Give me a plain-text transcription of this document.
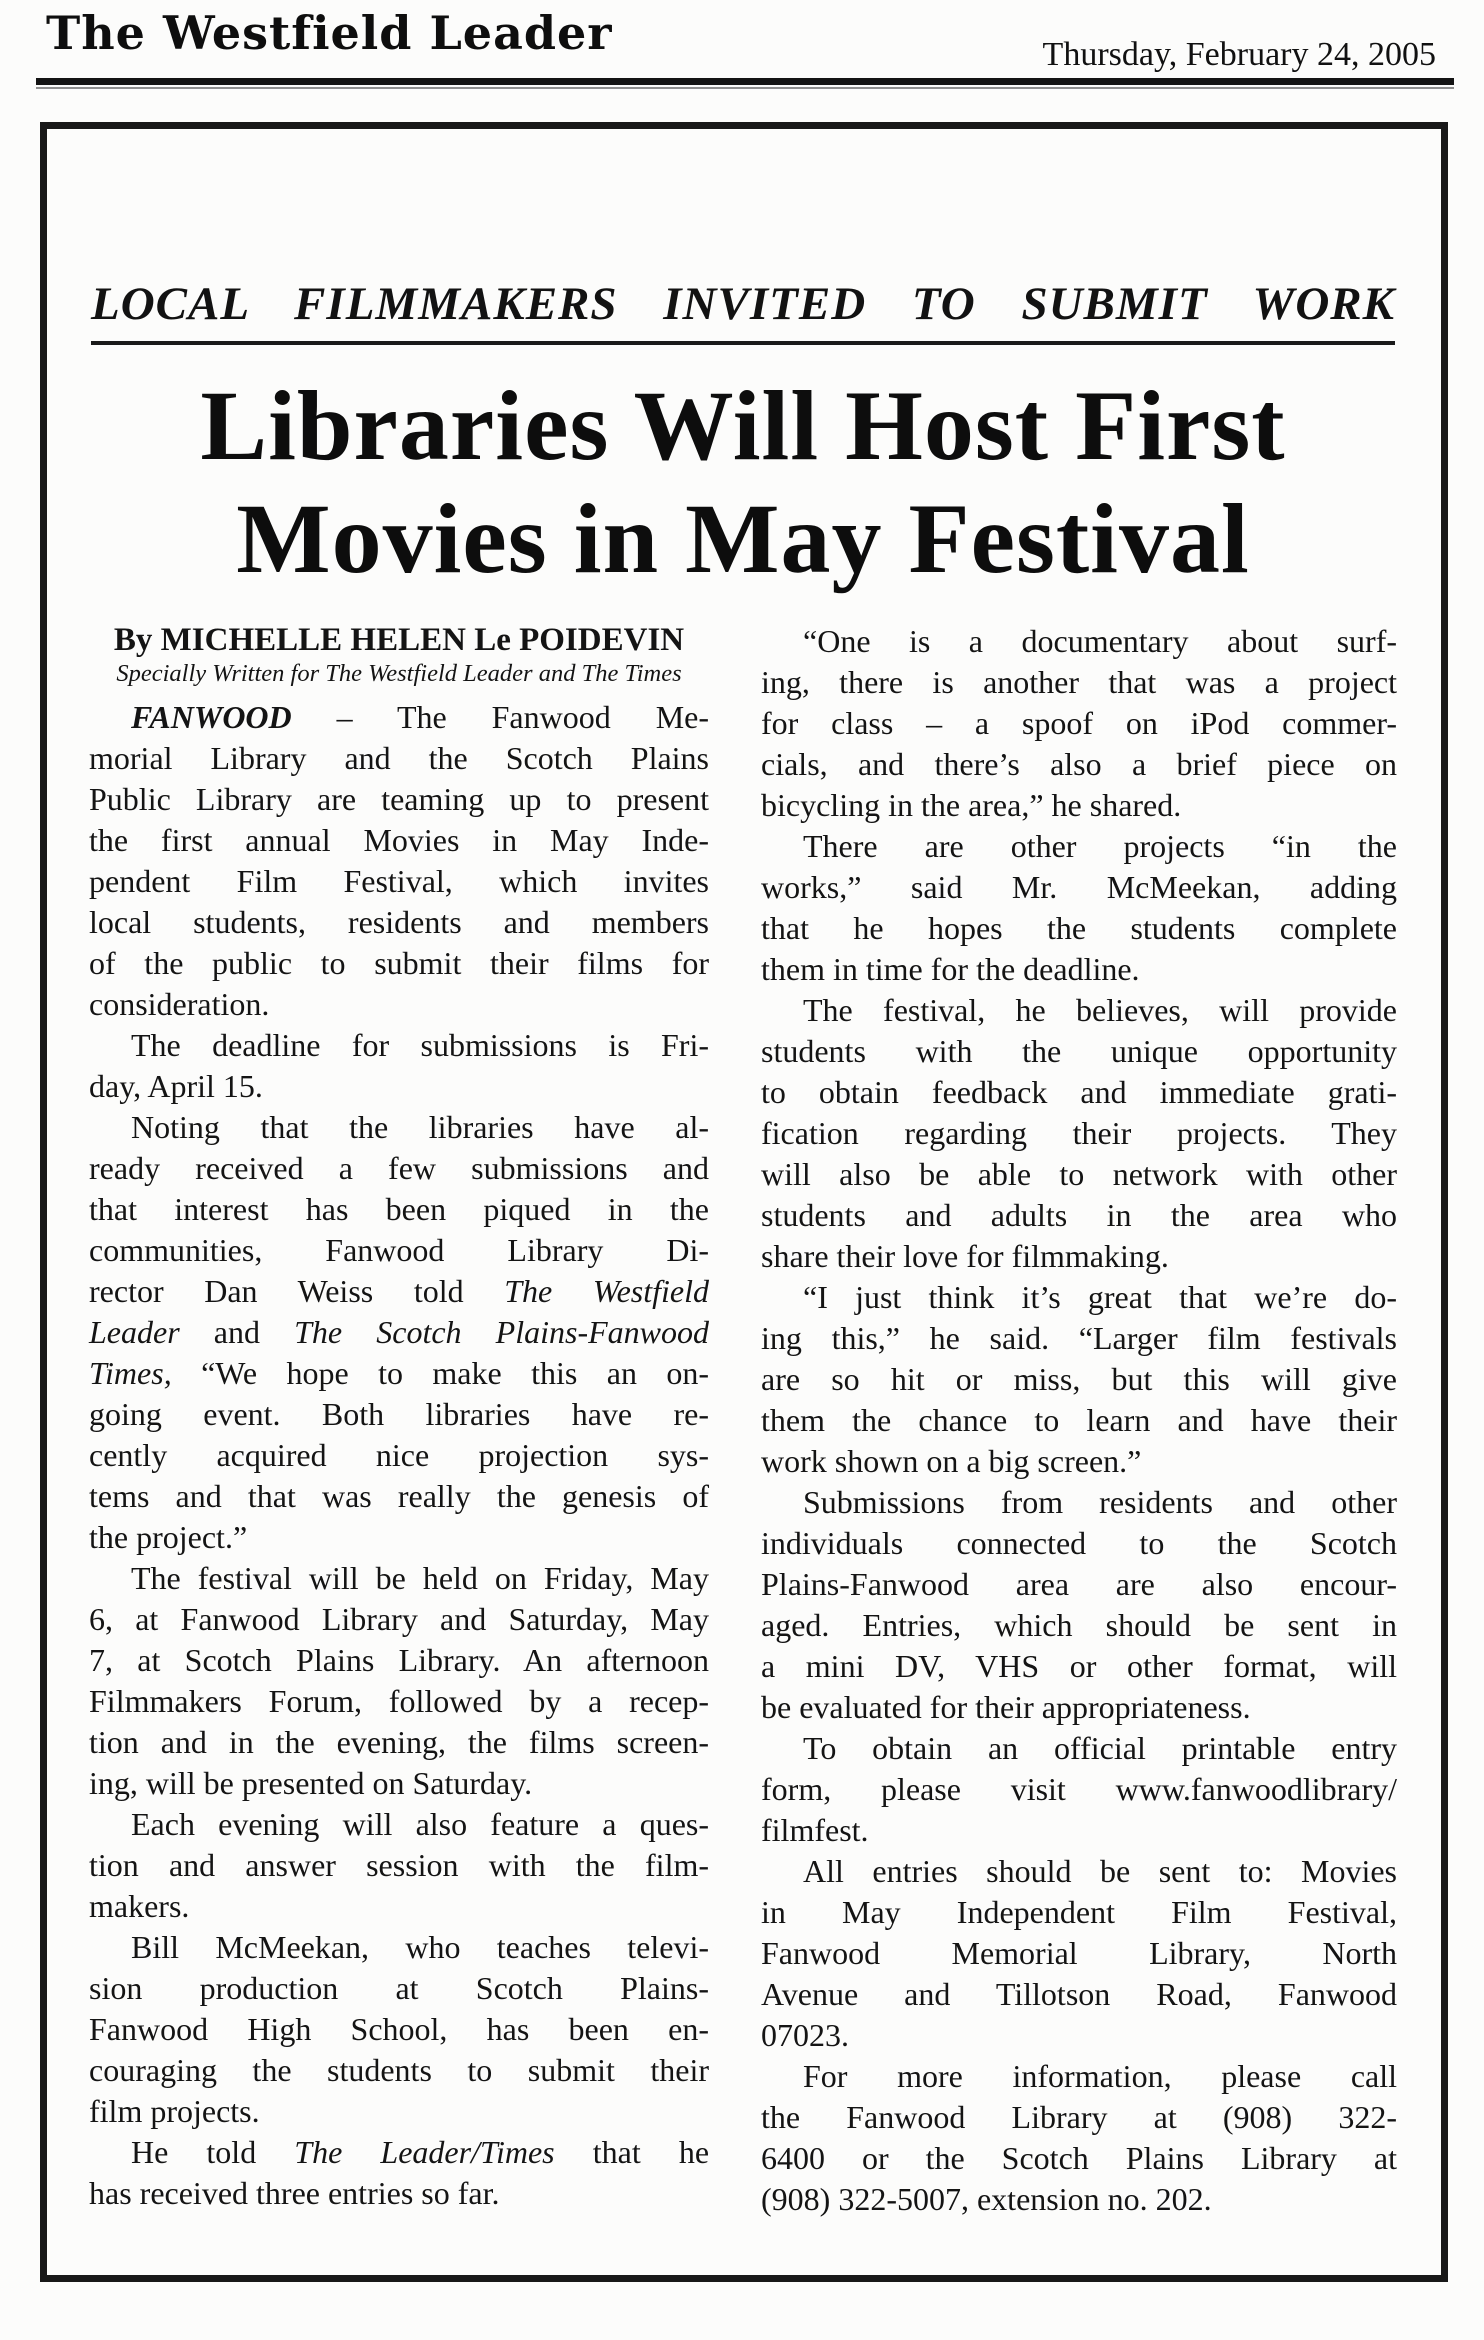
The Westfield Leader	Thursday, February 24, 2005
LOCAL FILMMAKERS INVITED TO SUBMIT WORK
Libraries Will Host First
Movies in May Festival
By MICHELLE HELEN Le POIDEVIN
Specially Written for The Westfield Leader and The Times
FANWOOD – The Fanwood Me-
morial Library and the Scotch Plains
Public Library are teaming up to present
the first annual Movies in May Inde-
pendent Film Festival, which invites
local students, residents and members
of the public to submit their films for
consideration.
The deadline for submissions is Fri-
day, April 15.
Noting that the libraries have al-
ready received a few submissions and
that interest has been piqued in the
communities, Fanwood Library Di-
rector Dan Weiss told The Westfield
Leader and The Scotch Plains-Fanwood
Times, “We hope to make this an on-
going event. Both libraries have re-
cently acquired nice projection sys-
tems and that was really the genesis of
the project.”
The festival will be held on Friday, May
6, at Fanwood Library and Saturday, May
7, at Scotch Plains Library. An afternoon
Filmmakers Forum, followed by a recep-
tion and in the evening, the films screen-
ing, will be presented on Saturday.
Each evening will also feature a ques-
tion and answer session with the film-
makers.
Bill McMeekan, who teaches televi-
sion production at Scotch Plains-
Fanwood High School, has been en-
couraging the students to submit their
film projects.
He told The Leader/Times that he
has received three entries so far.
“One is a documentary about surf-
ing, there is another that was a project
for class – a spoof on iPod commer-
cials, and there’s also a brief piece on
bicycling in the area,” he shared.
There are other projects “in the
works,” said Mr. McMeekan, adding
that he hopes the students complete
them in time for the deadline.
The festival, he believes, will provide
students with the unique opportunity
to obtain feedback and immediate grati-
fication regarding their projects. They
will also be able to network with other
students and adults in the area who
share their love for filmmaking.
“I just think it’s great that we’re do-
ing this,” he said. “Larger film festivals
are so hit or miss, but this will give
them the chance to learn and have their
work shown on a big screen.”
Submissions from residents and other
individuals connected to the Scotch
Plains-Fanwood area are also encour-
aged. Entries, which should be sent in
a mini DV, VHS or other format, will
be evaluated for their appropriateness.
To obtain an official printable entry
form, please visit www.fanwoodlibrary/
filmfest.
All entries should be sent to: Movies
in May Independent Film Festival,
Fanwood Memorial Library, North
Avenue and Tillotson Road, Fanwood
07023.
For more information, please call
the Fanwood Library at (908) 322-
6400 or the Scotch Plains Library at
(908) 322-5007, extension no. 202.
